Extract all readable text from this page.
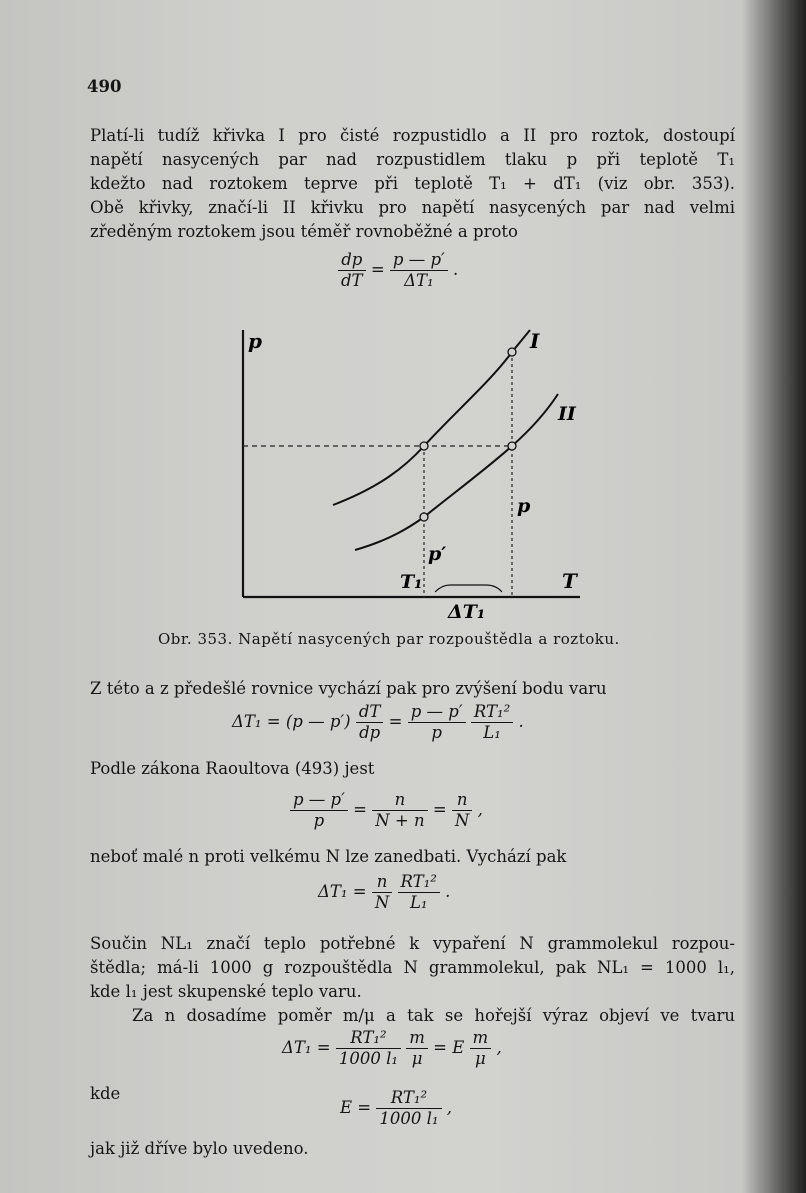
490
Platí-li tudíž křivka I pro čisté rozpustidlo a II pro roztok, dostoupí
napětí nasycených par nad rozpustidlem tlaku p při teplotě T₁
kdežto nad roztokem teprve při teplotě T₁ + dT₁ (viz obr. 353).
Obě křivky, značí-li II křivku pro napětí nasycených par nad velmi
zředěným roztokem jsou téměř rovnoběžné a proto
$\frac{dp}{dT} = \frac{p — p'}{\text{ΔT₁}}$ .
p
T
I
II
p
p′
T₁
ΔT₁
Obr. 353. Napětí nasycených par rozpouštědla a roztoku.
Z této a z předešlé rovnice vychází pak pro zvýšení bodu varu
ΔT₁ = (p — $p') \frac{dT}{dp} = \frac{p — p'}{p}$
$\frac{\text{RT₁²}}{\text{L₁}}$ .
Podle zákona Raoultova (493) jest
$\frac{p — p'}{p} = \frac{n}{N + n} = \frac{n}{N}$ ,
neboť malé n proti velkému N lze zanedbati. Vychází pak
$\Delta T_1 = \frac{n}{N}$
$\frac{\text{RT₁²}}{\text{L₁}}$ .
Součin NL₁ značí teplo potřebné k vypaření N grammolekul rozpou-
štědla; má-li 1000 g rozpouštědla N grammolekul, pak NL₁ = 1000 l₁,
kde l₁ jest skupenské teplo varu.
Za n dosadíme poměr m/μ a tak se hořejší výraz objeví ve tvaru
$\Delta T_1 = \frac{\text{RT₁²}}{\text{1000 l₁}}$
$\frac{m}{\mu} = E \frac{m}{\mu}$ ,
kde
$E = \frac{\text{RT₁²}}{\text{1000 l₁}}$ ,
jak již dříve bylo uvedeno.
